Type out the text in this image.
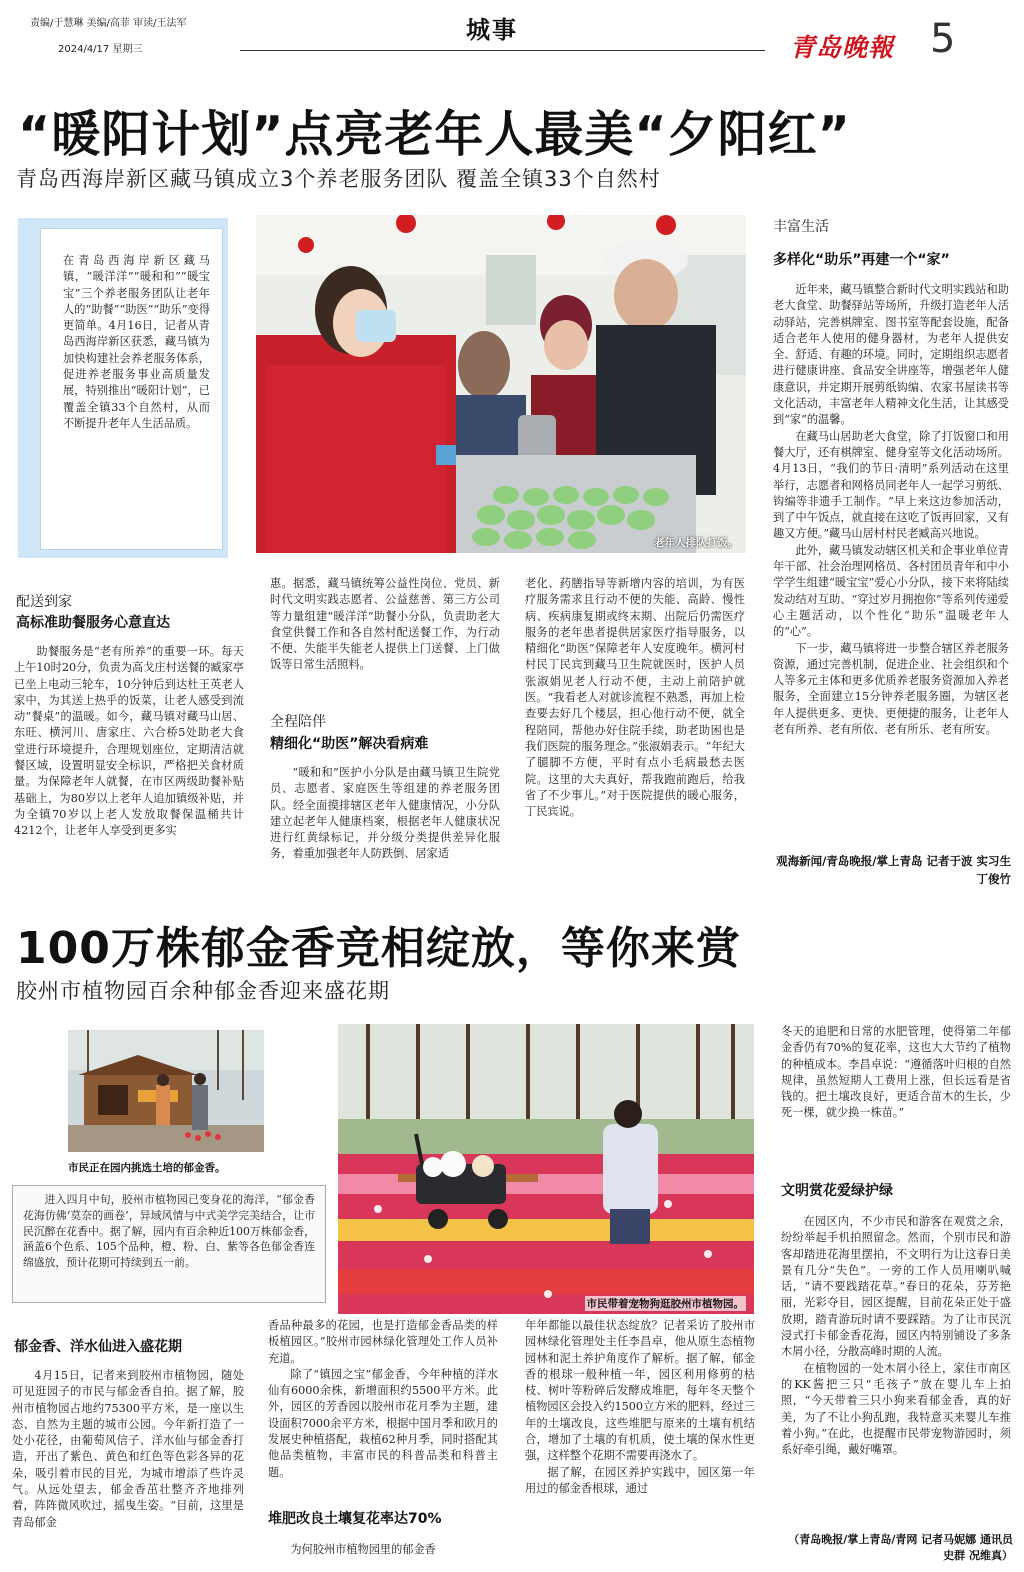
责编/于慧琳 美编/高菲 审读/王法军
2024/4/17 星期三
城事
青岛晚報 5
“暖阳计划”点亮老年人最美“夕阳红”
青岛西海岸新区藏马镇成立3个养老服务团队 覆盖全镇33个自然村
在青岛西海岸新区藏马镇，“暖洋洋”“暖和和”“暖宝宝”三个养老服务团队让老年人的“助餐”“助医”“助乐”变得更简单。4月16日，记者从青岛西海岸新区获悉，藏马镇为加快构建社会养老服务体系，促进养老服务事业高质量发展，特别推出“暖阳计划”，已覆盖全镇33个自然村，从而不断提升老年人生活品质。
老年人排队打饭。
配送到家
高标准助餐服务心意直达

助餐服务是“老有所养”的重要一环。每天上午10时20分，负责为高戈庄村送餐的臧家亭已坐上电动三轮车，10分钟后到达杜王英老人家中，为其送上热乎的饭菜，让老人感受到流动“餐桌”的温暖。如今，藏马镇对藏马山居、东旺、横河川、唐家庄、六合桥5处助老大食堂进行环境提升，合理规划座位，定期清洁就餐区域，设置明显安全标识，严格把关食材质量。为保障老年人就餐，在市区两级助餐补贴基础上，为80岁以上老年人追加镇级补贴，并为全镇70岁以上老人发放取餐保温桶共计4212个，让老年人享受到更多实

惠。据悉，藏马镇统筹公益性岗位、党员、新时代文明实践志愿者、公益慈善、第三方公司等力量组建“暖洋洋”助餐小分队，负责助老大食堂供餐工作和各自然村配送餐工作，为行动不便、失能半失能老人提供上门送餐、上门做饭等日常生活照料。

全程陪伴
精细化“助医”解决看病难

“暖和和”医护小分队是由藏马镇卫生院党员、志愿者、家庭医生等组建的养老服务团队。经全面摸排辖区老年人健康情况，小分队建立起老年人健康档案，根据老年人健康状况进行红黄绿标记，并分级分类提供差异化服务，着重加强老年人防跌倒、居家适

老化、药膳指导等新增内容的培训，为有医疗服务需求且行动不便的失能、高龄、慢性病、疾病康复期或终末期、出院后仍需医疗服务的老年患者提供居家医疗指导服务，以精细化“助医”保障老年人安度晚年。横河村村民丁民宾到藏马卫生院就医时，医护人员张淑娟见老人行动不便，主动上前陪护就医。“我看老人对就诊流程不熟悉，再加上检查要去好几个楼层，担心他行动不便，就全程陪同，帮他办好住院手续，助老助困也是我们医院的服务理念。”张淑娟表示。“年纪大了腿脚不方便，平时有点小毛病最愁去医院。这里的大夫真好，帮我跑前跑后，给我省了不少事儿。”对于医院提供的暖心服务，丁民宾说。

丰富生活
多样化“助乐”再建一个“家”

近年来，藏马镇整合新时代文明实践站和助老大食堂、助餐驿站等场所，升级打造老年人活动驿站，完善棋牌室、图书室等配套设施，配备适合老年人使用的健身器材，为老年人提供安全、舒适、有趣的环境。同时，定期组织志愿者进行健康讲座、食品安全讲座等，增强老年人健康意识，并定期开展剪纸钩编、农家书屋读书等文化活动，丰富老年人精神文化生活，让其感受到“家”的温馨。

在藏马山居助老大食堂，除了打饭窗口和用餐大厅，还有棋牌室、健身室等文化活动场所。4月13日，“我们的节日·清明”系列活动在这里举行，志愿者和网格员同老年人一起学习剪纸、钩编等非遗手工制作。“早上来这边参加活动，到了中午饭点，就直接在这吃了饭再回家，又有趣又方便。”藏马山居村村民老臧高兴地说。

此外，藏马镇发动辖区机关和企事业单位青年干部、社会治理网格员、各村团员青年和中小学学生组建“暖宝宝”爱心小分队，接下来将陆续发动结对互助、“穿过岁月拥抱你”等系列传递爱心主题活动，以个性化“助乐”温暖老年人的“心”。

下一步，藏马镇将进一步整合辖区养老服务资源，通过完善机制，促进企业、社会组织和个人等多元主体和更多优质养老服务资源加入养老服务，全面建立15分钟养老服务圈，为辖区老年人提供更多、更快、更便捷的服务，让老年人老有所养、老有所依、老有所乐、老有所安。

观海新闻/青岛晚报/掌上青岛 记者于波 实习生 丁俊竹
100万株郁金香竞相绽放，等你来赏
胶州市植物园百余种郁金香迎来盛花期
市民正在园内挑选土培的郁金香。
进入四月中旬，胶州市植物园已变身花的海洋，“郁金香花海仿佛‘莫奈的画卷’，异域风情与中式美学完美结合，让市民沉醉在花香中。据了解，园内有百余种近100万株郁金香，涵盖6个色系、105个品种，橙、粉、白、紫等各色郁金香连绵盛放，预计花期可持续到五一前。
市民带着宠物狗逛胶州市植物园。
郁金香、洋水仙进入盛花期

4月15日，记者来到胶州市植物园，随处可见逛园子的市民与郁金香自拍。据了解，胶州市植物园占地约75300平方米，是一座以生态、自然为主题的城市公园。今年新打造了一处小花径，由葡萄风信子、洋水仙与郁金香打造，开出了紫色、黄色和红色等色彩各异的花朵，吸引着市民的目光，为城市增添了些许灵气。从远处望去，郁金香茁壮整齐齐地排列着，阵阵微风吹过，摇曳生姿。“目前，这里是青岛郁金

香品种最多的花园，也是打造郁金香品类的样板植园区。”胶州市园林绿化管理处工作人员补充道。

除了“镇园之宝”郁金香，今年种植的洋水仙有6000余株，新增面积约5500平方米。此外，园区的芳香园以胶州市花月季为主题，建设面积7000余平方米，根据中国月季和欧月的发展史种植搭配，栽植62种月季，同时搭配其他品类植物，丰富市民的科普品类和科普主题。

堆肥改良土壤复花率达70%

为何胶州市植物园里的郁金香

年年都能以最佳状态绽放？记者采访了胶州市园林绿化管理处主任李昌卓，他从原生态植物园林和泥土养护角度作了解析。据了解，郁金香的根球一般种植一年，园区利用修剪的枯枝、树叶等粉碎后发酵成堆肥，每年冬天整个植物园区会投入约1500立方米的肥料，经过三年的土壤改良，这些堆肥与原来的土壤有机结合，增加了土壤的有机质，使土壤的保水性更强，这样整个花期不需要再浇水了。

据了解，在园区养护实践中，园区第一年用过的郁金香根球，通过

冬天的追肥和日常的水肥管理，使得第二年郁金香仍有70%的复花率，这也大大节约了植物的种植成本。李昌卓说：“遵循落叶归根的自然规律，虽然短期人工费用上涨，但长远看是省钱的。把土壤改良好，更适合苗木的生长，少死一棵，就少换一株苗。”

文明赏花爱绿护绿

在园区内，不少市民和游客在观赏之余，纷纷举起手机拍照留念。然而，个别市民和游客却踏进花海里摆拍，不文明行为让这春日美景有几分“失色”。一旁的工作人员用喇叭喊话，“请不要践踏花草。”春日的花朵，芬芳艳丽，光彩夺目，园区提醒，目前花朵正处于盛放期，踏青游玩时请不要踩踏。为了让市民沉浸式打卡郁金香花海，园区内特别铺设了多条木屑小径，分散高峰时期的人流。

在植物园的一处木屑小径上，家住市南区的KK酱把三只“毛孩子”放在婴儿车上拍照，“今天带着三只小狗来看郁金香，真的好美，为了不让小狗乱跑，我特意买来婴儿车推着小狗。”在此，也提醒市民带宠物游园时，须系好牵引绳，戴好嘴罩。

（青岛晚报/掌上青岛/青网 记者马妮娜 通讯员 史群 况维真）
